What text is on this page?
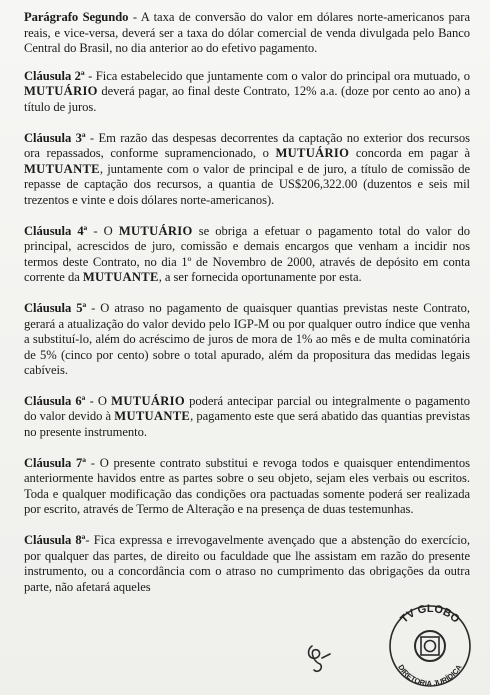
Parágrafo Segundo - A taxa de conversão do valor em dólares norte-americanos para reais, e vice-versa, deverá ser a taxa do dólar comercial de venda divulgada pelo Banco Central do Brasil, no dia anterior ao do efetivo pagamento.

Cláusula 2ª - Fica estabelecido que juntamente com o valor do principal ora mutuado, o MUTUÁRIO deverá pagar, ao final deste Contrato, 12% a.a. (doze por cento ao ano) a título de juros.

Cláusula 3ª - Em razão das despesas decorrentes da captação no exterior dos recursos ora repassados, conforme supramencionado, o MUTUÁRIO concorda em pagar à MUTUANTE, juntamente com o valor de principal e de juro, a título de comissão de repasse de captação dos recursos, a quantia de US$206,322.00 (duzentos e seis mil trezentos e vinte e dois dólares norte-americanos).

Cláusula 4ª - O MUTUÁRIO se obriga a efetuar o pagamento total do valor do principal, acrescidos de juro, comissão e demais encargos que venham a incidir nos termos deste Contrato, no dia 1º de Novembro de 2000, através de depósito em conta corrente da MUTUANTE, a ser fornecida oportunamente por esta.

Cláusula 5ª - O atraso no pagamento de quaisquer quantias previstas neste Contrato, gerará a atualização do valor devido pelo IGP-M ou por qualquer outro índice que venha a substituí-lo, além do acréscimo de juros de mora de 1% ao mês e de multa cominatória de 5% (cinco por cento) sobre o total apurado, além da propositura das medidas legais cabíveis.

Cláusula 6ª - O MUTUÁRIO poderá antecipar parcial ou integralmente o pagamento do valor devido à MUTUANTE, pagamento este que será abatido das quantias previstas no presente instrumento.

Cláusula 7ª - O presente contrato substitui e revoga todos e quaisquer entendimentos anteriormente havidos entre as partes sobre o seu objeto, sejam eles verbais ou escritos. Toda e qualquer modificação das condições ora pactuadas somente poderá ser realizada por escrito, através de Termo de Alteração e na presença de duas testemunhas.

Cláusula 8ª- Fica expressa e irrevogavelmente avençado que a abstenção do exercício, por qualquer das partes, de direito ou faculdade que lhe assistam em razão do presente instrumento, ou a concordância com o atraso no cumprimento das obrigações da outra parte, não afetará aqueles

TV GLOBO
DIRETORIA JURÍDICA
